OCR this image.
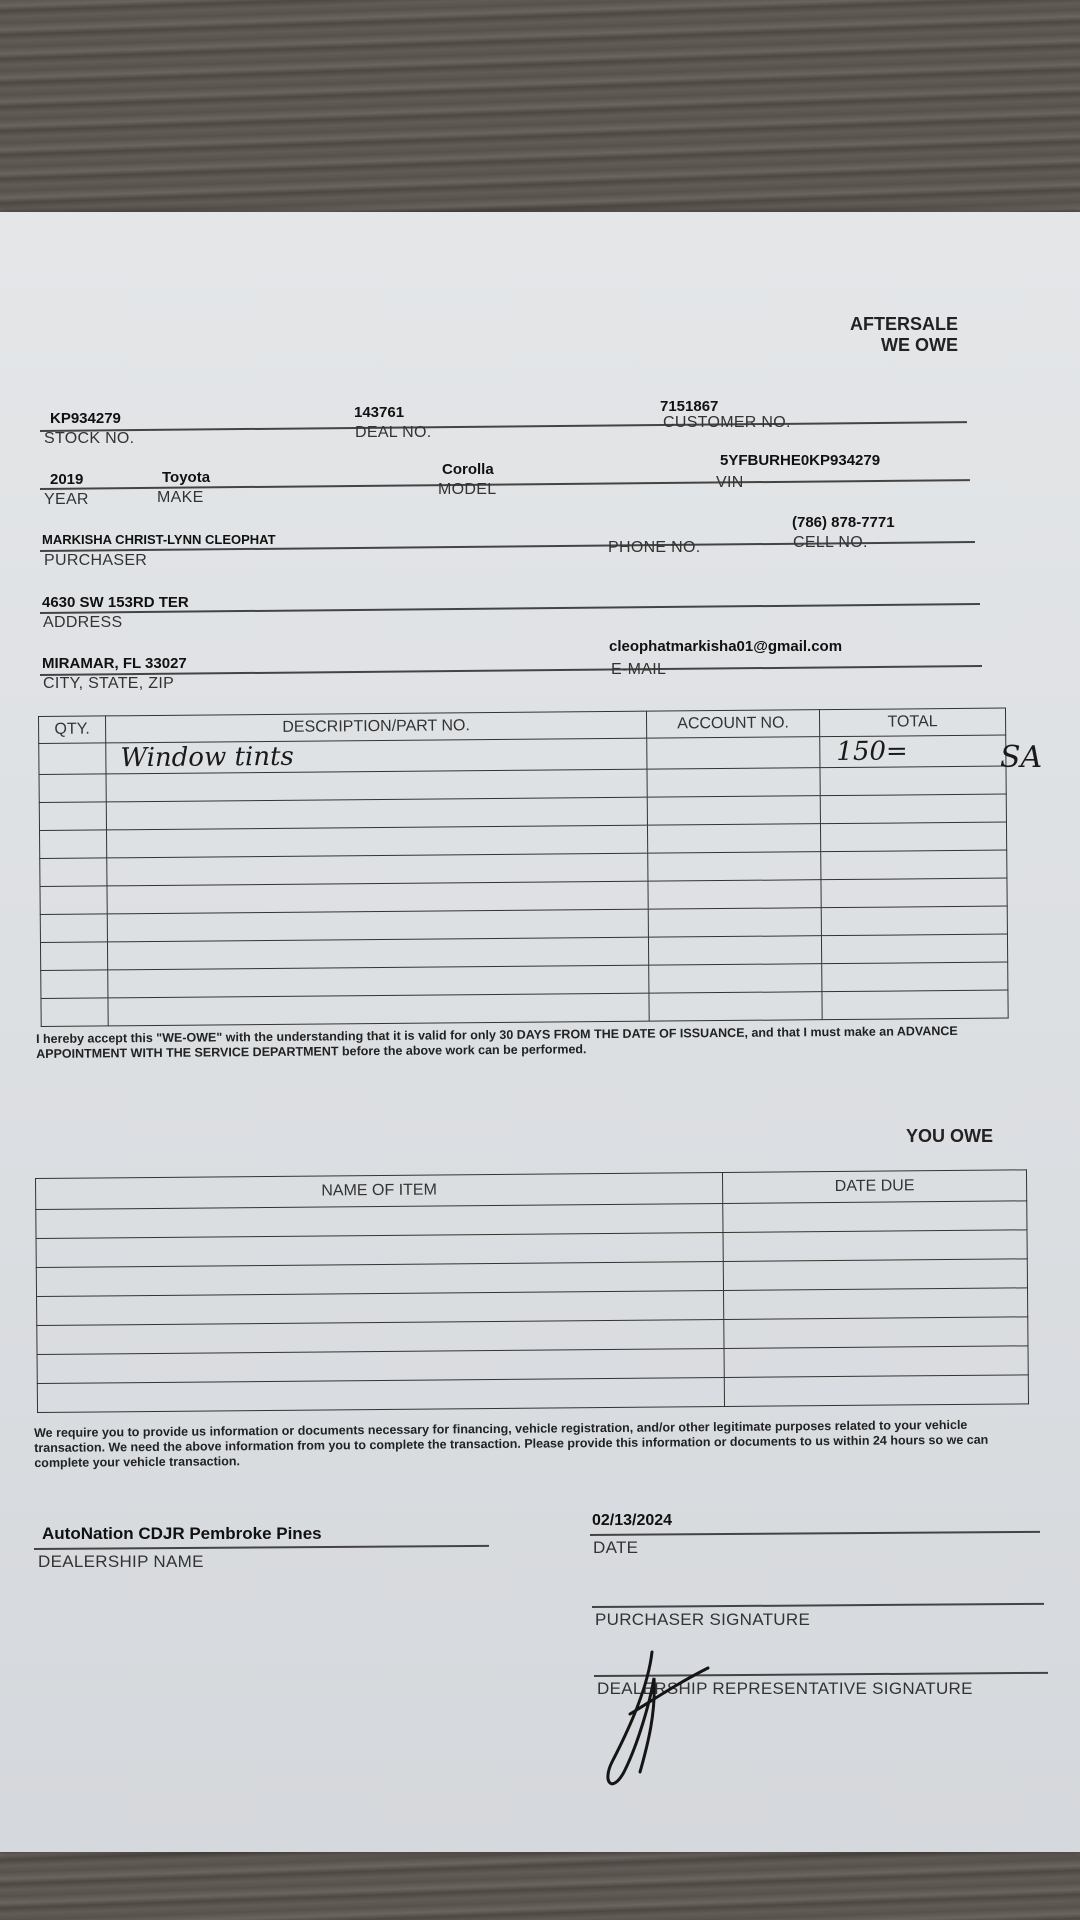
AFTERSALE
WE OWE
KP934279
STOCK NO.
143761
DEAL NO.
7151867
CUSTOMER NO.
2019
YEAR
Toyota
MAKE
Corolla
MODEL
5YFBURHE0KP934279
VIN
MARKISHA CHRIST-LYNN CLEOPHAT
PURCHASER
PHONE NO.
(786) 878-7771
CELL NO.
4630 SW 153RD TER
ADDRESS
MIRAMAR, FL 33027
CITY, STATE, ZIP
cleophatmarkisha01@gmail.com
E-MAIL
QTY.	DESCRIPTION/PART NO.	ACCOUNT NO.	TOTAL
	Window tints		150=

				SA
I hereby accept this "WE-OWE" with the understanding that it is valid for only 30 DAYS FROM THE DATE OF ISSUANCE, and that I must make an ADVANCE APPOINTMENT WITH THE SERVICE DEPARTMENT before the above work can be performed.
YOU OWE
NAME OF ITEM	DATE DUE

We require you to provide us information or documents necessary for financing, vehicle registration, and/or other legitimate purposes related to your vehicle transaction. We need the above information from you to complete the transaction. Please provide this information or documents to us within 24 hours so we can complete your vehicle transaction.
AutoNation CDJR Pembroke Pines
DEALERSHIP NAME
02/13/2024
DATE
PURCHASER SIGNATURE
DEALERSHIP REPRESENTATIVE SIGNATURE
